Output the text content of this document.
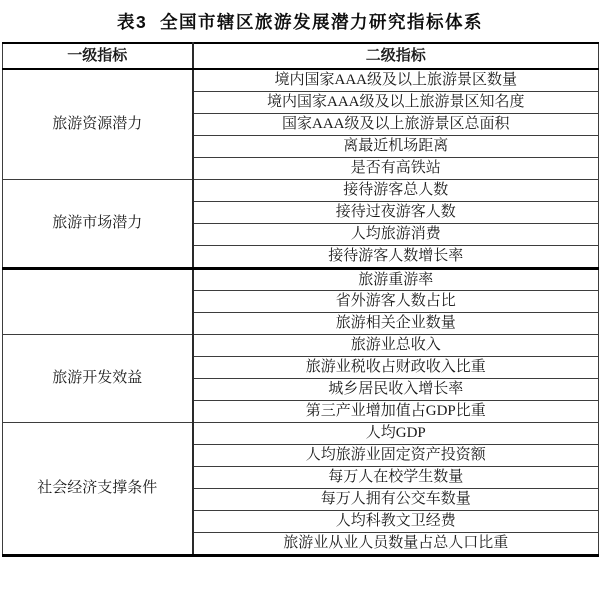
表3  全国市辖区旅游发展潜力研究指标体系
一级指标	二级指标
旅游资源潜力	境内国家AAA级及以上旅游景区数量
	境内国家AAA级及以上旅游景区知名度
	国家AAA级及以上旅游景区总面积
	离最近机场距离
	是否有高铁站
旅游市场潜力	接待游客总人数
	接待过夜游客人数
	人均旅游消费
	接待游客人数增长率
	旅游重游率
	省外游客人数占比
	旅游相关企业数量
旅游开发效益	旅游业总收入
	旅游业税收占财政收入比重
	城乡居民收入增长率
	第三产业增加值占GDP比重
社会经济支撑条件	人均GDP
	人均旅游业固定资产投资额
	每万人在校学生数量
	每万人拥有公交车数量
	人均科教文卫经费
	旅游业从业人员数量占总人口比重
